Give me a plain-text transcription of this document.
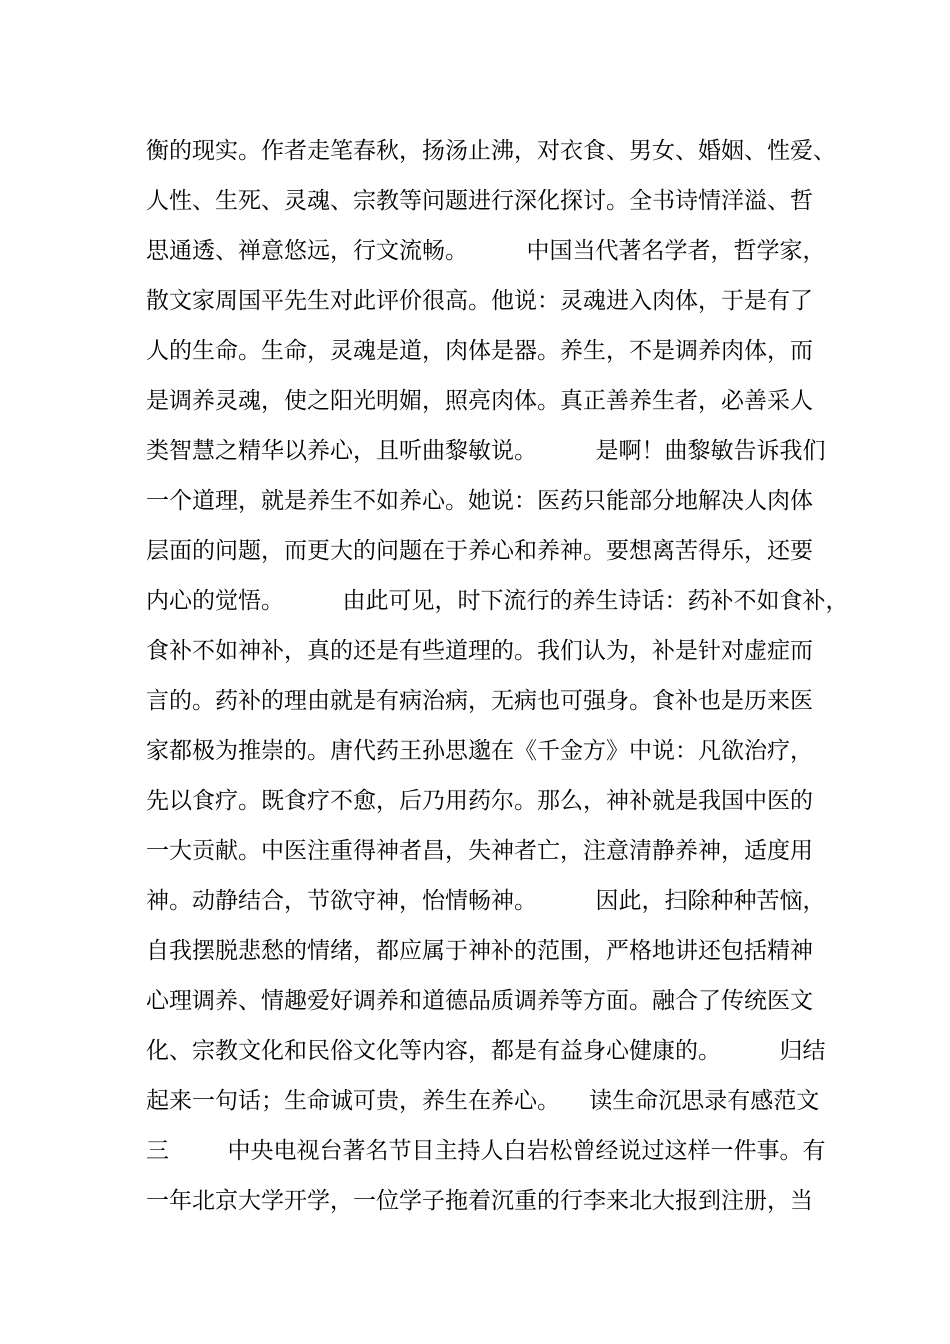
衡的现实。作者走笔春秋，扬汤止沸，对衣食、男女、婚姻、性爱、

人性、生死、灵魂、宗教等问题进行深化探讨。全书诗情洋溢、哲

思通透、禅意悠远，行文流畅。        中国当代著名学者，哲学家，

散文家周国平先生对此评价很高。他说：灵魂进入肉体，于是有了

人的生命。生命，灵魂是道，肉体是器。养生，不是调养肉体，而

是调养灵魂，使之阳光明媚，照亮肉体。真正善养生者，必善采人

类智慧之精华以养心，且听曲黎敏说。        是啊！曲黎敏告诉我们

一个道理，就是养生不如养心。她说：医药只能部分地解决人肉体

层面的问题，而更大的问题在于养心和养神。要想离苦得乐，还要

内心的觉悟。        由此可见，时下流行的养生诗话：药补不如食补，

食补不如神补，真的还是有些道理的。我们认为，补是针对虚症而

言的。药补的理由就是有病治病，无病也可强身。食补也是历来医

家都极为推崇的。唐代药王孙思邈在《千金方》中说：凡欲治疗，

先以食疗。既食疗不愈，后乃用药尔。那么，神补就是我国中医的

一大贡献。中医注重得神者昌，失神者亡，注意清静养神，适度用

神。动静结合，节欲守神，怡情畅神。        因此，扫除种种苦恼，

自我摆脱悲愁的情绪，都应属于神补的范围，严格地讲还包括精神

心理调养、情趣爱好调养和道德品质调养等方面。融合了传统医文

化、宗教文化和民俗文化等内容，都是有益身心健康的。        归结

起来一句话；生命诚可贵，养生在养心。    读生命沉思录有感范文

三        中央电视台著名节目主持人白岩松曾经说过这样一件事。有

一年北京大学开学，一位学子拖着沉重的行李来北大报到注册，当
